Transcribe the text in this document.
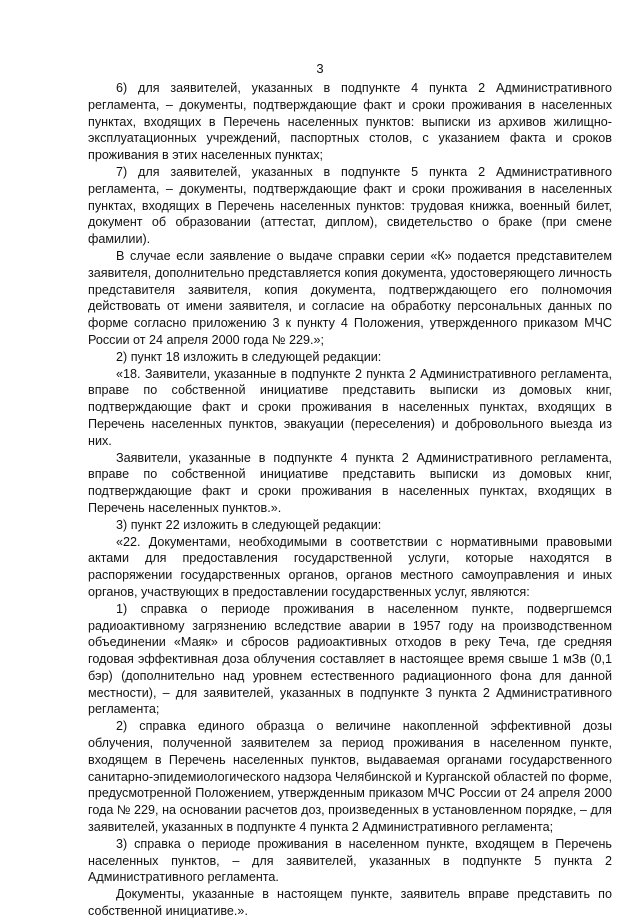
3

6) для заявителей, указанных в подпункте 4 пункта 2 Административного регламента, – документы, подтверждающие факт и сроки проживания в населенных пунктах, входящих в Перечень населенных пунктов: выписки из архивов жилищно-эксплуатационных учреждений, паспортных столов, с указанием факта и сроков проживания в этих населенных пунктах;

7) для заявителей, указанных в подпункте 5 пункта 2 Административного регламента, – документы, подтверждающие факт и сроки проживания в населенных пунктах, входящих в Перечень населенных пунктов: трудовая книжка, военный билет, документ об образовании (аттестат, диплом), свидетельство о браке (при смене фамилии).

В случае если заявление о выдаче справки серии «К» подается представителем заявителя, дополнительно представляется копия документа, удостоверяющего личность представителя заявителя, копия документа, подтверждающего его полномочия действовать от имени заявителя, и согласие на обработку персональных данных по форме согласно приложению 3 к пункту 4 Положения, утвержденного приказом МЧС России от 24 апреля 2000 года № 229.»;

2) пункт 18 изложить в следующей редакции:

«18. Заявители, указанные в подпункте 2 пункта 2 Административного регламента, вправе по собственной инициативе представить выписки из домовых книг, подтверждающие факт и сроки проживания в населенных пунктах, входящих в Перечень населенных пунктов, эвакуации (переселения) и добровольного выезда из них.

Заявители, указанные в подпункте 4 пункта 2 Административного регламента, вправе по собственной инициативе представить выписки из домовых книг, подтверждающие факт и сроки проживания в населенных пунктах, входящих в Перечень населенных пунктов.».

3) пункт 22 изложить в следующей редакции:

«22. Документами, необходимыми в соответствии с нормативными правовыми актами для предоставления государственной услуги, которые находятся в распоряжении государственных органов, органов местного самоуправления и иных органов, участвующих в предоставлении государственных услуг, являются:

1) справка о периоде проживания в населенном пункте, подвергшемся радиоактивному загрязнению вследствие аварии в 1957 году на производственном объединении «Маяк» и сбросов радиоактивных отходов в реку Теча, где средняя годовая эффективная доза облучения составляет в настоящее время свыше 1 мЗв (0,1 бэр) (дополнительно над уровнем естественного радиационного фона для данной местности), – для заявителей, указанных в подпункте 3 пункта 2 Административного регламента;

2) справка единого образца о величине накопленной эффективной дозы облучения, полученной заявителем за период проживания в населенном пункте, входящем в Перечень населенных пунктов, выдаваемая органами государственного санитарно-эпидемиологического надзора Челябинской и Курганской областей по форме, предусмотренной Положением, утвержденным приказом МЧС России от 24 апреля 2000 года № 229, на основании расчетов доз, произведенных в установленном порядке, – для заявителей, указанных в подпункте 4 пункта 2 Административного регламента;

3) справка о периоде проживания в населенном пункте, входящем в Перечень населенных пунктов, – для заявителей, указанных в подпункте 5 пункта 2 Административного регламента.

Документы, указанные в настоящем пункте, заявитель вправе представить по собственной инициативе.».
